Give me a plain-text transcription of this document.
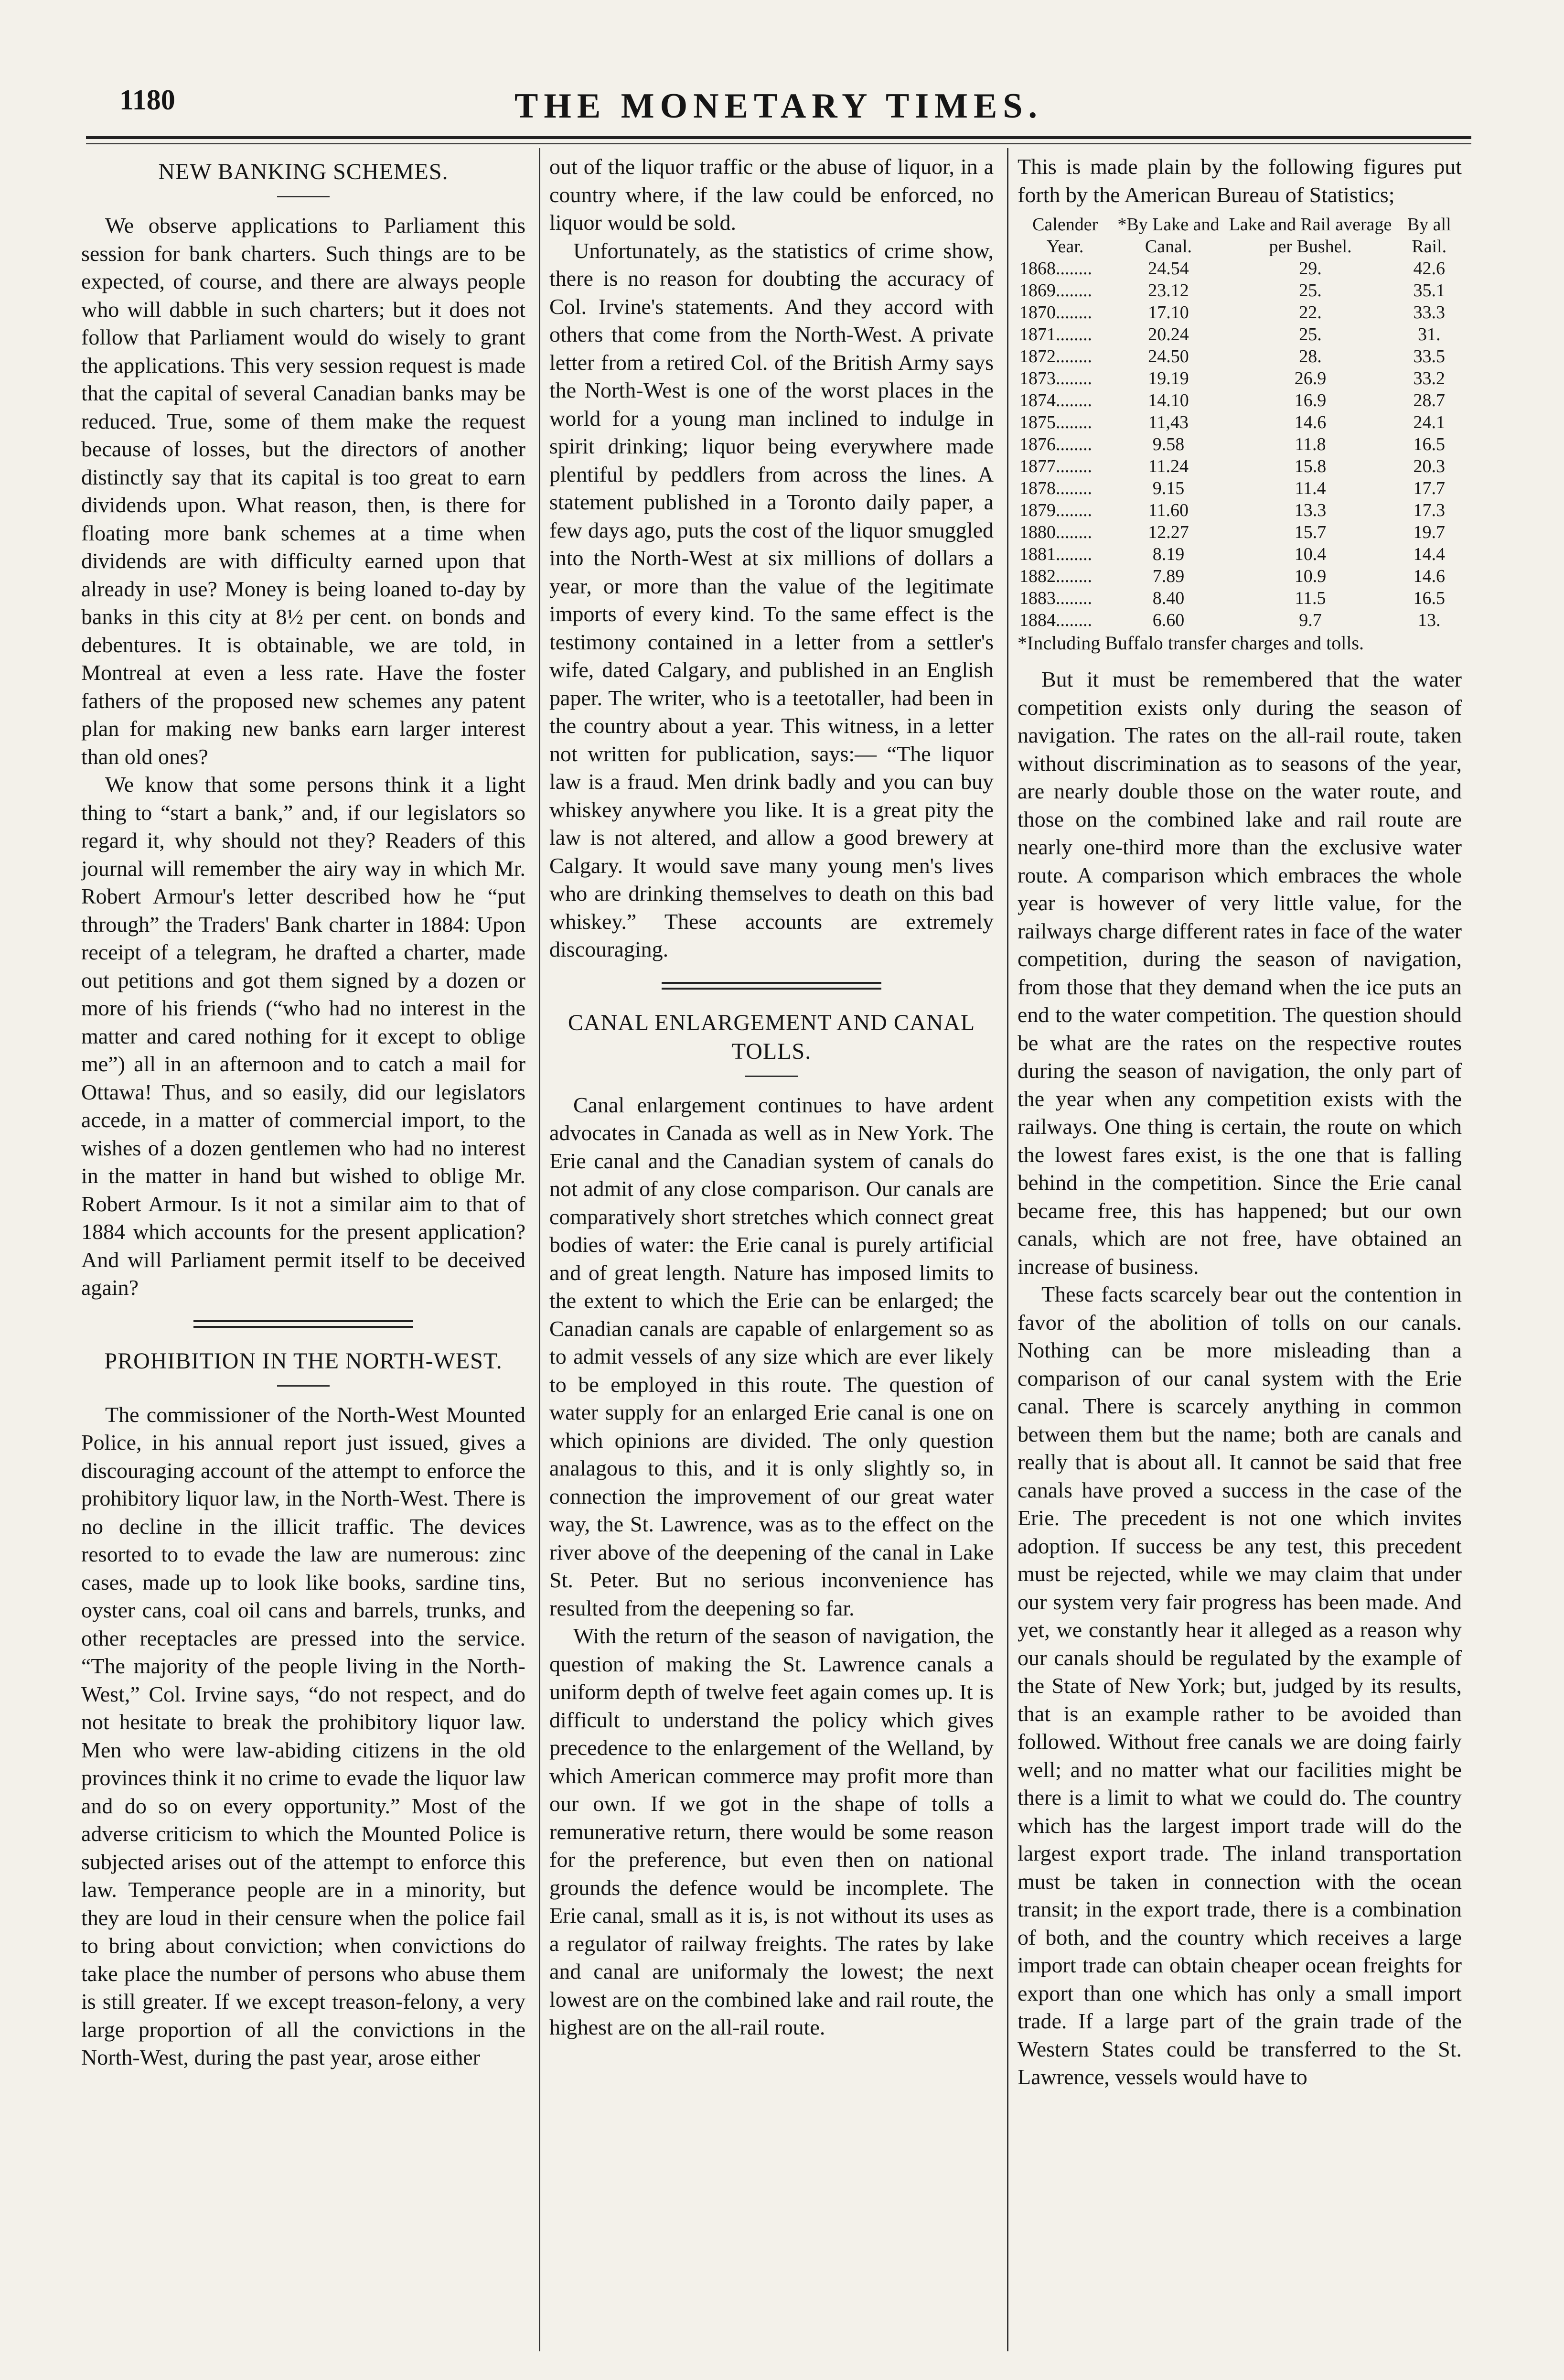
1180	THE MONETARY TIMES.
NEW BANKING SCHEMES.

We observe applications to Parliament this session for bank charters. Such things are to be expected, of course, and there are always people who will dabble in such charters; but it does not follow that Parliament would do wisely to grant the applications. This very session request is made that the capital of several Canadian banks may be reduced. True, some of them make the request because of losses, but the directors of another distinctly say that its capital is too great to earn dividends upon. What reason, then, is there for floating more bank schemes at a time when dividends are with difficulty earned upon that already in use? Money is being loaned to-day by banks in this city at 8½ per cent. on bonds and debentures. It is obtainable, we are told, in Montreal at even a less rate. Have the foster fathers of the proposed new schemes any patent plan for making new banks earn larger interest than old ones?

We know that some persons think it a light thing to “start a bank,” and, if our legislators so regard it, why should not they? Readers of this journal will remember the airy way in which Mr. Robert Armour's letter described how he “put through” the Traders' Bank charter in 1884: Upon receipt of a telegram, he drafted a charter, made out petitions and got them signed by a dozen or more of his friends (“who had no interest in the matter and cared nothing for it except to oblige me”) all in an afternoon and to catch a mail for Ottawa! Thus, and so easily, did our legislators accede, in a matter of commercial import, to the wishes of a dozen gentlemen who had no interest in the matter in hand but wished to oblige Mr. Robert Armour. Is it not a similar aim to that of 1884 which accounts for the present application? And will Parliament permit itself to be deceived again?

PROHIBITION IN THE NORTH-WEST.

The commissioner of the North-West Mounted Police, in his annual report just issued, gives a discouraging account of the attempt to enforce the prohibitory liquor law, in the North-West. There is no decline in the illicit traffic. The devices resorted to to evade the law are numerous: zinc cases, made up to look like books, sardine tins, oyster cans, coal oil cans and barrels, trunks, and other receptacles are pressed into the service. “The majority of the people living in the North-West,” Col. Irvine says, “do not respect, and do not hesitate to break the prohibitory liquor law. Men who were law-abiding citizens in the old provinces think it no crime to evade the liquor law and do so on every opportunity.” Most of the adverse criticism to which the Mounted Police is subjected arises out of the attempt to enforce this law. Temperance people are in a minority, but they are loud in their censure when the police fail to bring about conviction; when convictions do take place the number of persons who abuse them is still greater. If we except treason-felony, a very large proportion of all the convictions in the North-West, during the past year, arose either

out of the liquor traffic or the abuse of liquor, in a country where, if the law could be enforced, no liquor would be sold.

Unfortunately, as the statistics of crime show, there is no reason for doubting the accuracy of Col. Irvine's statements. And they accord with others that come from the North-West. A private letter from a retired Col. of the British Army says the North-West is one of the worst places in the world for a young man inclined to indulge in spirit drinking; liquor being everywhere made plentiful by peddlers from across the lines. A statement published in a Toronto daily paper, a few days ago, puts the cost of the liquor smuggled into the North-West at six millions of dollars a year, or more than the value of the legitimate imports of every kind. To the same effect is the testimony contained in a letter from a settler's wife, dated Calgary, and published in an English paper. The writer, who is a teetotaller, had been in the country about a year. This witness, in a letter not written for publication, says:— “The liquor law is a fraud. Men drink badly and you can buy whiskey anywhere you like. It is a great pity the law is not altered, and allow a good brewery at Calgary. It would save many young men's lives who are drinking themselves to death on this bad whiskey.” These accounts are extremely discouraging.

CANAL ENLARGEMENT AND CANAL TOLLS.

Canal enlargement continues to have ardent advocates in Canada as well as in New York. The Erie canal and the Canadian system of canals do not admit of any close comparison. Our canals are comparatively short stretches which connect great bodies of water: the Erie canal is purely artificial and of great length. Nature has imposed limits to the extent to which the Erie can be enlarged; the Canadian canals are capable of enlargement so as to admit vessels of any size which are ever likely to be employed in this route. The question of water supply for an enlarged Erie canal is one on which opinions are divided. The only question analagous to this, and it is only slightly so, in connection the improvement of our great water way, the St. Lawrence, was as to the effect on the river above of the deepening of the canal in Lake St. Peter. But no serious inconvenience has resulted from the deepening so far.

With the return of the season of navigation, the question of making the St. Lawrence canals a uniform depth of twelve feet again comes up. It is difficult to understand the policy which gives precedence to the enlargement of the Welland, by which American commerce may profit more than our own. If we got in the shape of tolls a remunerative return, there would be some reason for the preference, but even then on national grounds the defence would be incomplete. The Erie canal, small as it is, is not without its uses as a regulator of railway freights. The rates by lake and canal are uniformaly the lowest; the next lowest are on the combined lake and rail route, the highest are on the all-rail route.

This is made plain by the following figures put forth by the American Bureau of Statistics;

Calender Year.	*By Lake and Canal.	Lake and Rail average per Bushel.	By all Rail.
1868........	24.54	29.	42.6
1869........	23.12	25.	35.1
1870........	17.10	22.	33.3
1871........	20.24	25.	31.
1872........	24.50	28.	33.5
1873........	19.19	26.9	33.2
1874........	14.10	16.9	28.7
1875........	11,43	14.6	24.1
1876........	9.58	11.8	16.5
1877........	11.24	15.8	20.3
1878........	9.15	11.4	17.7
1879........	11.60	13.3	17.3
1880........	12.27	15.7	19.7
1881........	8.19	10.4	14.4
1882........	7.89	10.9	14.6
1883........	8.40	11.5	16.5
1884........	6.60	9.7	13.
*Including Buffalo transfer charges and tolls.

But it must be remembered that the water competition exists only during the season of navigation. The rates on the all-rail route, taken without discrimination as to seasons of the year, are nearly double those on the water route, and those on the combined lake and rail route are nearly one-third more than the exclusive water route. A comparison which embraces the whole year is however of very little value, for the railways charge different rates in face of the water competition, during the season of navigation, from those that they demand when the ice puts an end to the water competition. The question should be what are the rates on the respective routes during the season of navigation, the only part of the year when any competition exists with the railways. One thing is certain, the route on which the lowest fares exist, is the one that is falling behind in the competition. Since the Erie canal became free, this has happened; but our own canals, which are not free, have obtained an increase of business.

These facts scarcely bear out the contention in favor of the abolition of tolls on our canals. Nothing can be more misleading than a comparison of our canal system with the Erie canal. There is scarcely anything in common between them but the name; both are canals and really that is about all. It cannot be said that free canals have proved a success in the case of the Erie. The precedent is not one which invites adoption. If success be any test, this precedent must be rejected, while we may claim that under our system very fair progress has been made. And yet, we constantly hear it alleged as a reason why our canals should be regulated by the example of the State of New York; but, judged by its results, that is an example rather to be avoided than followed. Without free canals we are doing fairly well; and no matter what our facilities might be there is a limit to what we could do. The country which has the largest import trade will do the largest export trade. The inland transportation must be taken in connection with the ocean transit; in the export trade, there is a combination of both, and the country which receives a large import trade can obtain cheaper ocean freights for export than one which has only a small import trade. If a large part of the grain trade of the Western States could be transferred to the St. Lawrence, vessels would have to
